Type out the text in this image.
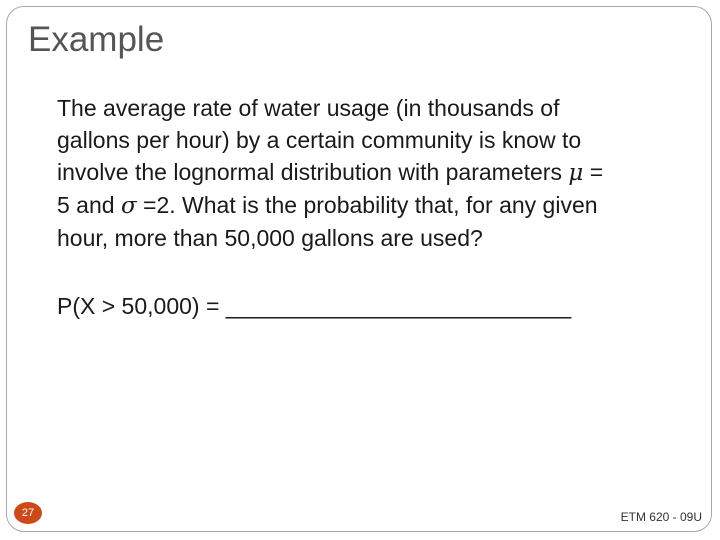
Example
The average rate of water usage (in thousands of
gallons per hour) by a certain community is know to
involve the lognormal distribution with parameters μ =
5 and σ =2. What is the probability that, for any given
hour, more than 50,000 gallons are used?
P(X > 50,000) = ___________________________
27	ETM 620 - 09U
